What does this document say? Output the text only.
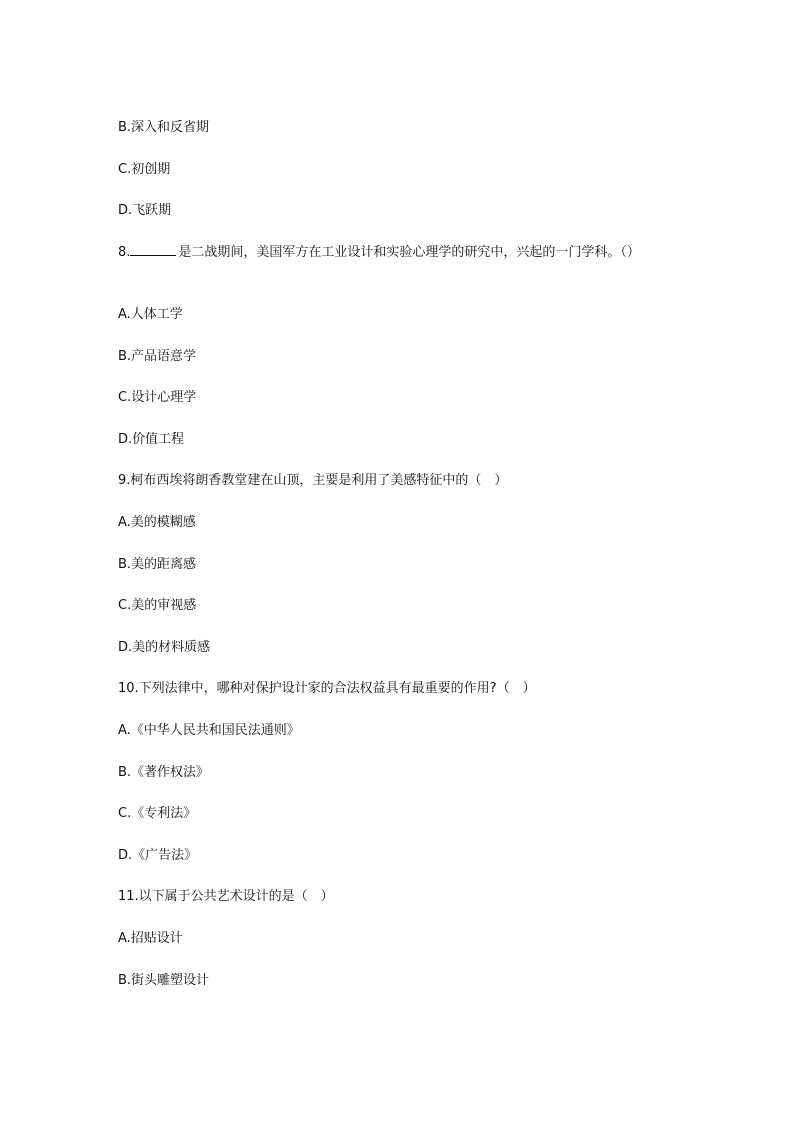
B.深入和反省期
C.初创期
D.飞跃期
8.	是二战期间，美国军方在工业设计和实验心理学的研究中，兴起的一门学科。（）
A.人体工学
B.产品语意学
C.设计心理学
D.价值工程
9.柯布西埃将朗香教堂建在山顶，主要是利用了美感特征中的（　）
A.美的模糊感
B.美的距离感
C.美的审视感
D.美的材料质感
10.下列法律中，哪种对保护设计家的合法权益具有最重要的作用?（　）
A.《中华人民共和国民法通则》
B.《著作权法》
C.《专利法》
D.《广告法》
11.以下属于公共艺术设计的是（　）
A.招贴设计
B.街头雕塑设计
